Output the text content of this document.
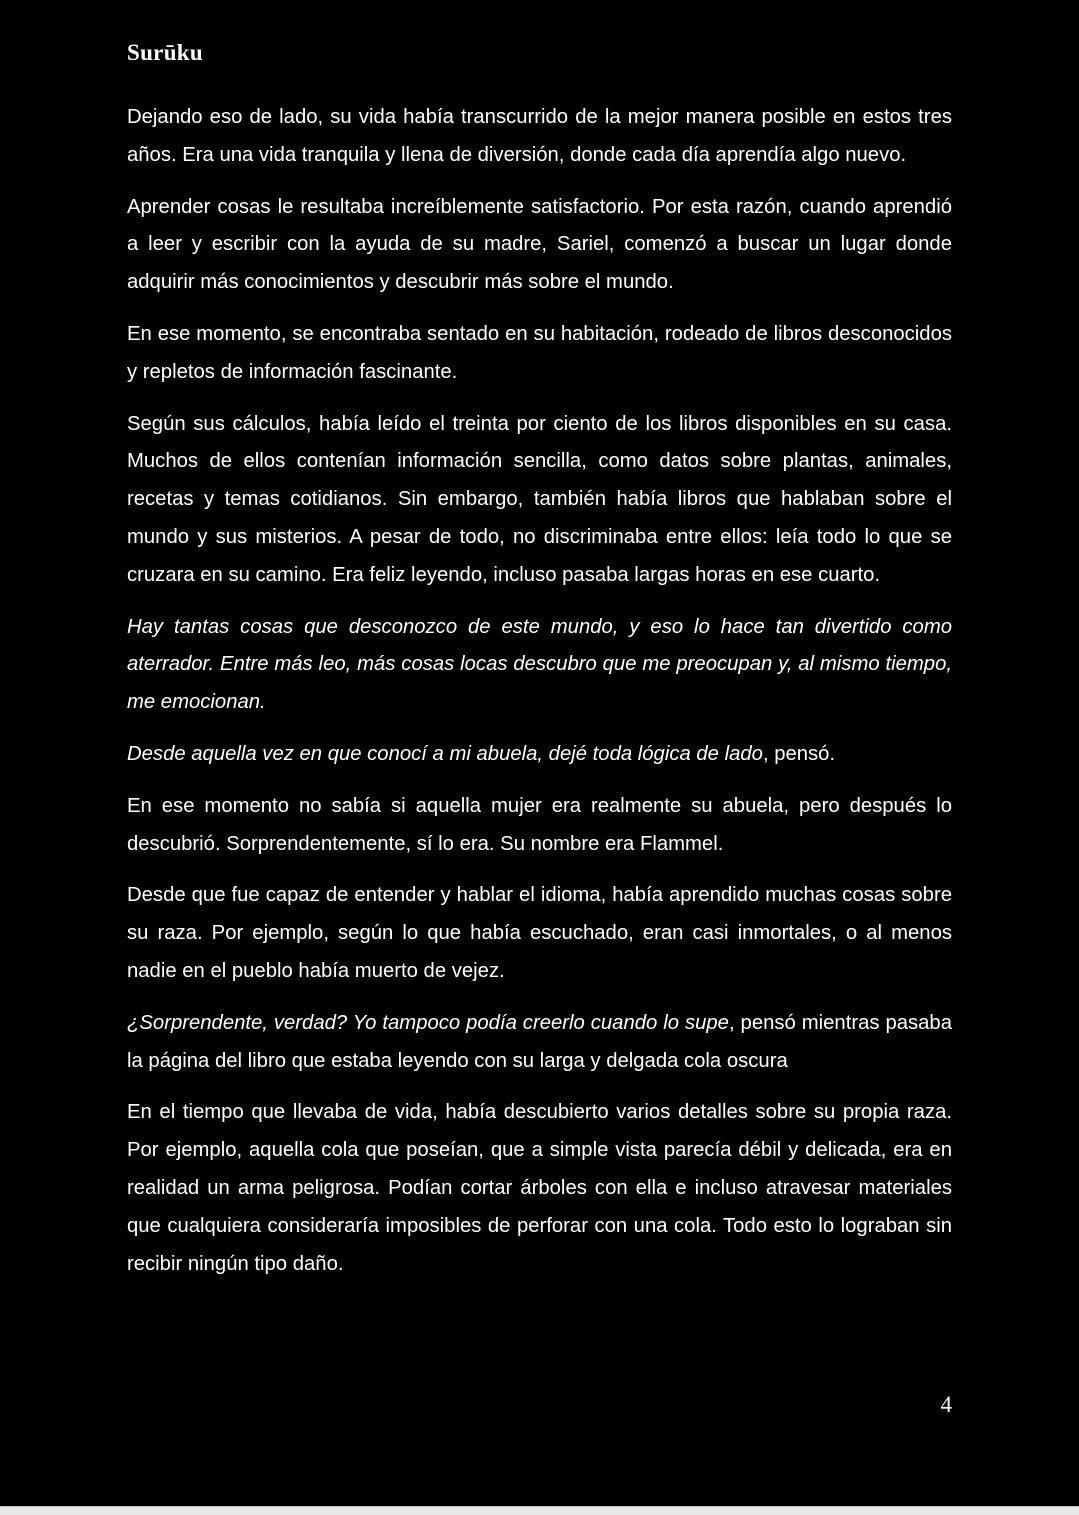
Surūku

Dejando eso de lado, su vida había transcurrido de la mejor manera posible en estos tres años. Era una vida tranquila y llena de diversión, donde cada día aprendía algo nuevo.

Aprender cosas le resultaba increíblemente satisfactorio. Por esta razón, cuando aprendió a leer y escribir con la ayuda de su madre, Sariel, comenzó a buscar un lugar donde adquirir más conocimientos y descubrir más sobre el mundo.

En ese momento, se encontraba sentado en su habitación, rodeado de libros desconocidos y repletos de información fascinante.

Según sus cálculos, había leído el treinta por ciento de los libros disponibles en su casa. Muchos de ellos contenían información sencilla, como datos sobre plantas, animales, recetas y temas cotidianos. Sin embargo, también había libros que hablaban sobre el mundo y sus misterios. A pesar de todo, no discriminaba entre ellos: leía todo lo que se cruzara en su camino. Era feliz leyendo, incluso pasaba largas horas en ese cuarto.

Hay tantas cosas que desconozco de este mundo, y eso lo hace tan divertido como aterrador. Entre más leo, más cosas locas descubro que me preocupan y, al mismo tiempo, me emocionan.

Desde aquella vez en que conocí a mi abuela, dejé toda lógica de lado, pensó.

En ese momento no sabía si aquella mujer era realmente su abuela, pero después lo descubrió. Sorprendentemente, sí lo era. Su nombre era Flammel.

Desde que fue capaz de entender y hablar el idioma, había aprendido muchas cosas sobre su raza. Por ejemplo, según lo que había escuchado, eran casi inmortales, o al menos nadie en el pueblo había muerto de vejez.

¿Sorprendente, verdad? Yo tampoco podía creerlo cuando lo supe, pensó mientras pasaba la página del libro que estaba leyendo con su larga y delgada cola oscura

En el tiempo que llevaba de vida, había descubierto varios detalles sobre su propia raza. Por ejemplo, aquella cola que poseían, que a simple vista parecía débil y delicada, era en realidad un arma peligrosa. Podían cortar árboles con ella e incluso atravesar materiales que cualquiera consideraría imposibles de perforar con una cola. Todo esto lo lograban sin recibir ningún tipo daño.

4
